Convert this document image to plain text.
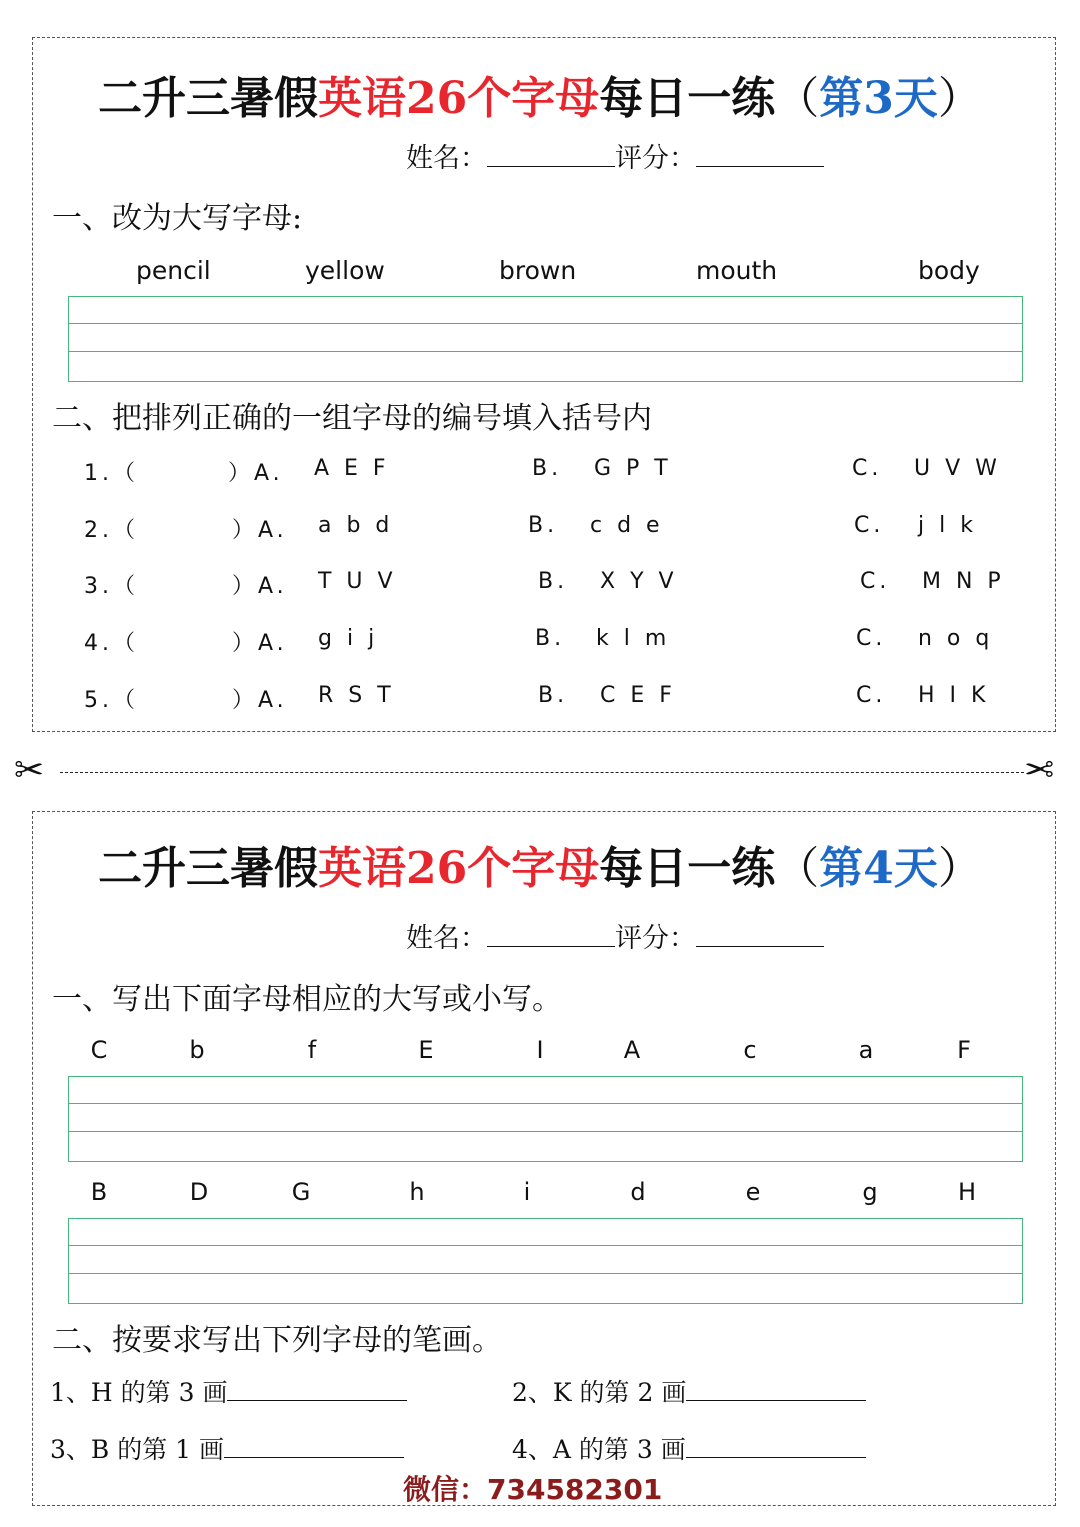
二升三暑假英语26个字母每日一练（第3天）
姓名：	评分：
一、改为大写字母:
pencil	yellow	brown	mouth	body
二、把排列正确的一组字母的编号填入括号内
1.（	）A. A E F	B. G P T	C. U V W
2.（	）A. a b d	B. c d e	C. j l k
3.（	）A. T U V	B. X Y V	C. M N P
4.（	）A. g i j	B. k l m	C. n o q
5.（	）A. R S T	B. C E F	C. H I K
✂	✂
二升三暑假英语26个字母每日一练（第4天）
姓名：	评分：
一、写出下面字母相应的大写或小写。
C	b	f	E	I	A	c	a	F
B	D	G	h	i	d	e	g	H
二、按要求写出下列字母的笔画。
1、H 的第 3 画	2、K 的第 2 画
3、B 的第 1 画	4、A 的第 3 画
微信：734582301
